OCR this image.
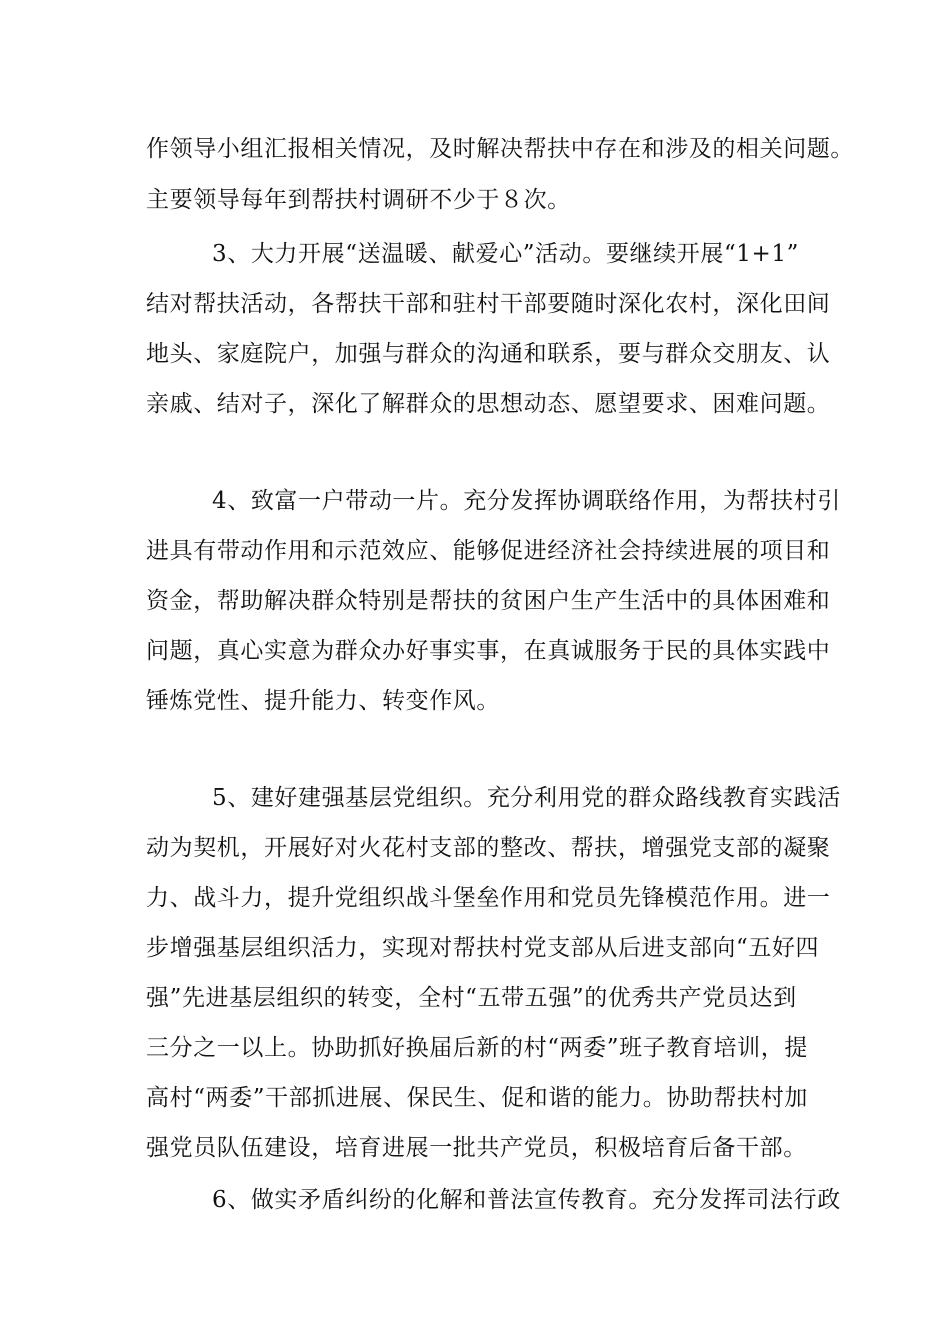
作领导小组汇报相关情况，及时解决帮扶中存在和涉及的相关问题。
主要领导每年到帮扶村调研不少于８次。
3、大力开展“送温暖、献爱心”活动。要继续开展“1+1”
结对帮扶活动，各帮扶干部和驻村干部要随时深化农村，深化田间
地头、家庭院户，加强与群众的沟通和联系，要与群众交朋友、认
亲戚、结对子，深化了解群众的思想动态、愿望要求、困难问题。
4、致富一户带动一片。充分发挥协调联络作用，为帮扶村引
进具有带动作用和示范效应、能够促进经济社会持续进展的项目和
资金，帮助解决群众特别是帮扶的贫困户生产生活中的具体困难和
问题，真心实意为群众办好事实事，在真诚服务于民的具体实践中
锤炼党性、提升能力、转变作风。
5、建好建强基层党组织。充分利用党的群众路线教育实践活
动为契机，开展好对火花村支部的整改、帮扶，增强党支部的凝聚
力、战斗力，提升党组织战斗堡垒作用和党员先锋模范作用。进一
步增强基层组织活力，实现对帮扶村党支部从后进支部向“五好四
强”先进基层组织的转变，全村“五带五强”的优秀共产党员达到
三分之一以上。协助抓好换届后新的村“两委”班子教育培训，提
高村“两委”干部抓进展、保民生、促和谐的能力。协助帮扶村加
强党员队伍建设，培育进展一批共产党员，积极培育后备干部。
6、做实矛盾纠纷的化解和普法宣传教育。充分发挥司法行政
